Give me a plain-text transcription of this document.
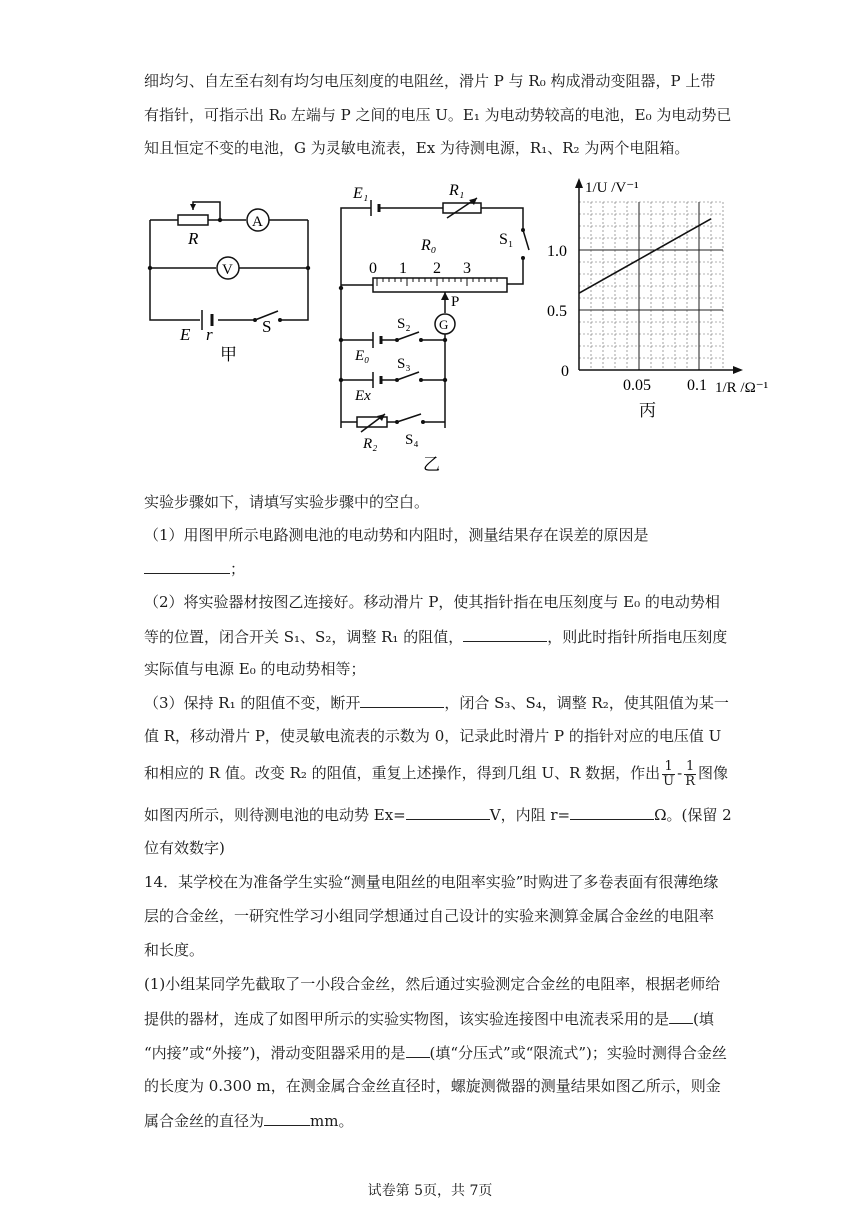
细均匀、自左至右刻有均匀电压刻度的电阻丝，滑片 P 与 R₀ 构成滑动变阻器，P 上带
有指针，可指示出 R₀ 左端与 P 之间的电压 U。E₁ 为电动势较高的电池，E₀ 为电动势已
知且恒定不变的电池，G 为灵敏电流表，Ex 为待测电源，R₁、R₂ 为两个电阻箱。
R
A
V
E r	S
甲
E₁	R₁
S₁
R₀
0 1 2 3
P
G
S₂
E₀ S₃
Ex
R₂ S₄
乙
0.5
1.0
0.05 0.1
0
1/U /V⁻¹
1/R /Ω⁻¹
丙
实验步骤如下，请填写实验步骤中的空白。
（1）用图甲所示电路测电池的电动势和内阻时，测量结果存在误差的原因是
；
（2）将实验器材按图乙连接好。移动滑片 P，使其指针指在电压刻度与 E₀ 的电动势相
等的位置，闭合开关 S₁、S₂，调整 R₁ 的阻值，	，则此时指针所指电压刻度
实际值与电源 E₀ 的电动势相等；
（3）保持 R₁ 的阻值不变，断开	，闭合 S₃、S₄，调整 R₂，使其阻值为某一
值 R，移动滑片 P，使灵敏电流表的示数为 0，记录此时滑片 P 的指针对应的电压值 U
和相应的 R 值。改变 R₂ 的阻值，重复上述操作，得到几组 U、R 数据，作出 $\frac{1}{U} - \frac{1}{R}$ 图像
如图丙所示，则待测电池的电动势 Ex=	V，内阻 r=	Ω。(保留 2
位有效数字)
14．某学校在为准备学生实验“测量电阻丝的电阻率实验”时购进了多卷表面有很薄绝缘
层的合金丝，一研究性学习小组同学想通过自己设计的实验来测算金属合金丝的电阻率
和长度。
(1)小组某同学先截取了一小段合金丝，然后通过实验测定合金丝的电阻率，根据老师给
提供的器材，连成了如图甲所示的实验实物图，该实验连接图中电流表采用的是 (填
“内接”或“外接”)，滑动变阻器采用的是 (填“分压式”或“限流式”)；实验时测得合金丝
的长度为 0.300 m，在测金属合金丝直径时，螺旋测微器的测量结果如图乙所示，则金
属合金丝的直径为	mm。
试卷第 5页，共 7页
